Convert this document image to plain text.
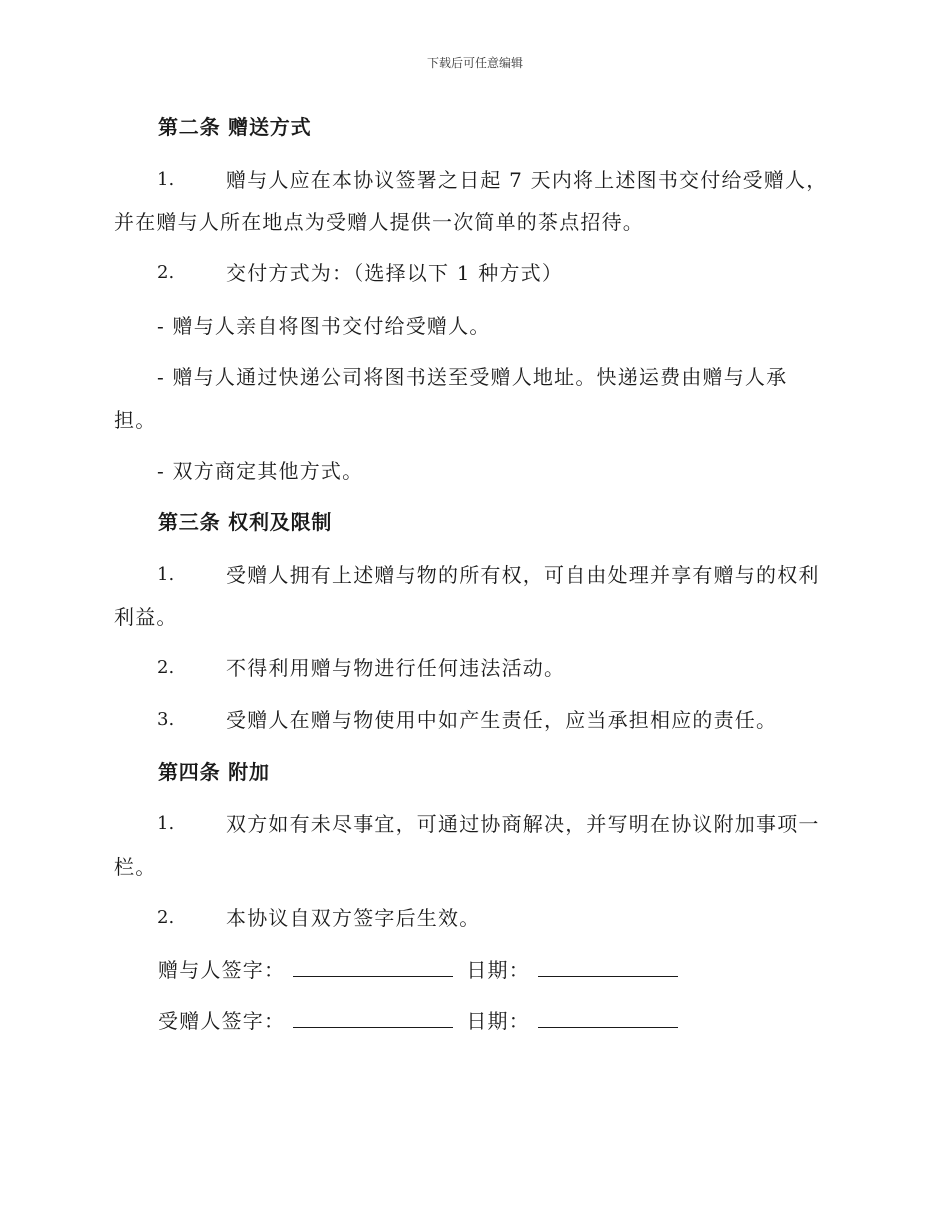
下载后可任意编辑
第二条 赠送方式
1.	赠与人应在本协议签署之日起 7 天内将上述图书交付给受赠人，
并在赠与人所在地点为受赠人提供一次简单的茶点招待。
2.	交付方式为：（选择以下 1 种方式）
- 赠与人亲自将图书交付给受赠人。
- 赠与人通过快递公司将图书送至受赠人地址。快递运费由赠与人承
担。
- 双方商定其他方式。
第三条 权利及限制
1.	受赠人拥有上述赠与物的所有权，可自由处理并享有赠与的权利
利益。
2.	不得利用赠与物进行任何违法活动。
3.	受赠人在赠与物使用中如产生责任，应当承担相应的责任。
第四条 附加
1.	双方如有未尽事宜，可通过协商解决，并写明在协议附加事项一
栏。
2.	本协议自双方签字后生效。
赠与人签字：	日期：
受赠人签字：	日期：
